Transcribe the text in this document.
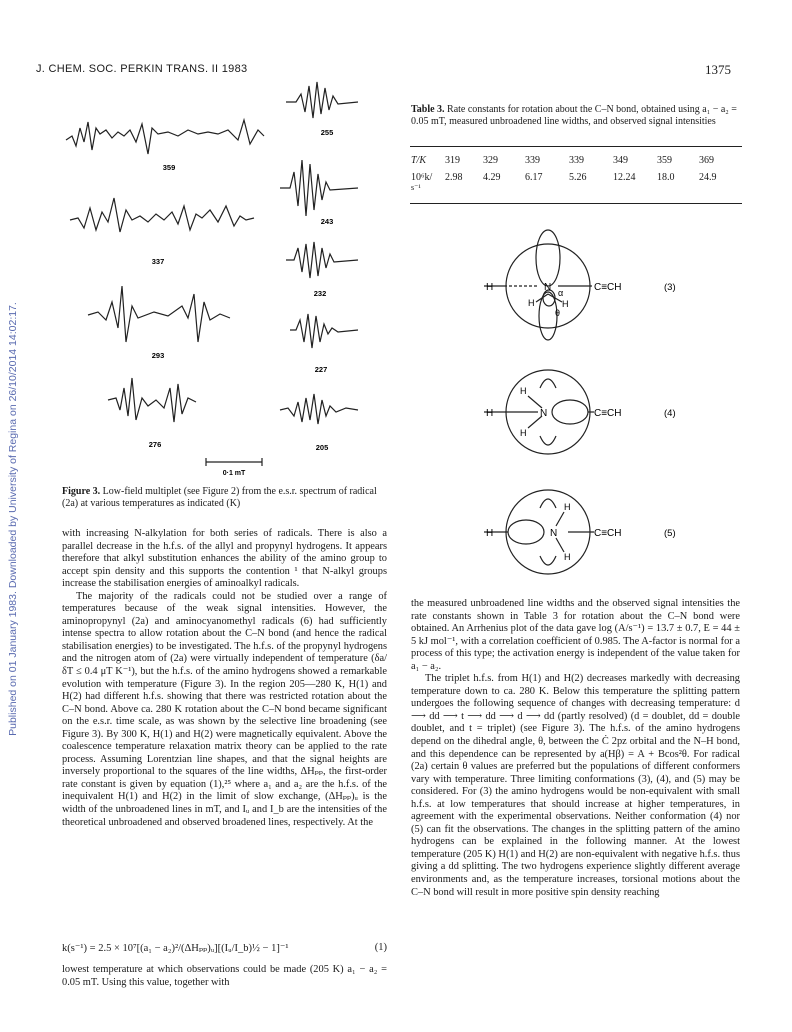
Published on 01 January 1983. Downloaded by University of Regina on 26/10/2014 14:02:17.
J. CHEM. SOC. PERKIN TRANS. II 1983	1375
255
359
243
337
232
293
227
276	205
0·1 mT
Figure 3. Low-field multiplet (see Figure 2) from the e.s.r. spectrum of radical (2a) at various temperatures as indicated (K)
Table 3. Rate constants for rotation about the C–N bond, obtained using a₁ − a₂ = 0.05 mT, measured unbroadened line widths, and observed signal intensities
T/K	319	329	339	339	349	359	369
10⁶k/	2.98	4.29	6.17	5.26	12.24	18.0	24.9
s⁻¹							
H	N
H	H
α
θ
C≡CH	(3)
H	N
H
H
C≡CH	(4)
H	N
H
H
C≡CH	(5)

with increasing N-alkylation for both series of radicals. There is also a parallel decrease in the h.f.s. of the allyl and propynyl hydrogens. It appears therefore that alkyl substitution enhances the ability of the amino group to accept spin density and this supports the contention ¹ that N-alkyl groups increase the stabilisation energies of aminoalkyl radicals.

The majority of the radicals could not be studied over a range of temperatures because of the weak signal intensities. However, the aminopropynyl (2a) and aminocyanomethyl radicals (6) had sufficiently intense spectra to allow rotation about the C–N bond (and hence the radical stabilisation energies) to be investigated. The h.f.s. of the propynyl hydrogens and the nitrogen atom of (2a) were virtually independent of temperature (δa/δT ≤ 0.4 μT K⁻¹), but the h.f.s. of the amino hydrogens showed a remarkable evolution with temperature (Figure 3). In the region 205—280 K, H(1) and H(2) had different h.f.s. showing that there was restricted rotation about the C–N bond. Above ca. 280 K rotation about the C–N bond became significant on the e.s.r. time scale, as was shown by the selective line broadening (see Figure 3). By 300 K, H(1) and H(2) were magnetically equivalent. Above the coalescence temperature relaxation matrix theory can be applied to the rate process. Assuming Lorentzian line shapes, and that the signal heights are inversely proportional to the squares of the line widths, ΔHₚₚ, the first-order rate constant is given by equation (1),²⁵ where a₁ and a₂ are the h.f.s. of the inequivalent H(1) and H(2) in the limit of slow exchange, (ΔHₚₚ)ᵤ is the width of the unbroadened lines in mT, and Iᵤ and I_b are the intensities of the theoretical unbroadened and observed broadened lines, respectively. At the

k(s⁻¹) = 2.5 × 10⁷[(a₁ − a₂)²/(ΔHₚₚ)ᵤ][(Iᵤ/I_b)½ − 1]⁻¹	(1)
lowest temperature at which observations could be made (205 K) a₁ − a₂ = 0.05 mT. Using this value, together with

the measured unbroadened line widths and the observed signal intensities the rate constants shown in Table 3 for rotation about the C–N bond were obtained. An Arrhenius plot of the data gave log (A/s⁻¹) = 13.7 ± 0.7, E = 44 ± 5 kJ mol⁻¹, with a correlation coefficient of 0.985. The A-factor is normal for a process of this type; the activation energy is independent of the value taken for a₁ − a₂.

The triplet h.f.s. from H(1) and H(2) decreases markedly with decreasing temperature down to ca. 280 K. Below this temperature the splitting pattern undergoes the following sequence of changes with decreasing temperature: d ⟶ dd ⟶ t ⟶ dd ⟶ d ⟶ dd (partly resolved) (d = doublet, dd = double doublet, and t = triplet) (see Figure 3). The h.f.s. of the amino hydrogens depend on the dihedral angle, θ, between the Ċ 2pz orbital and the N–H bond, and this dependence can be represented by a(Hβ) = A + Bcos²θ. For radical (2a) certain θ values are preferred but the populations of different conformers vary with temperature. Three limiting conformations (3), (4), and (5) may be considered. For (3) the amino hydrogens would be non-equivalent with small h.f.s. at low temperatures that should increase at higher temperatures, in agreement with the experimental observations. Neither conformation (4) nor (5) can fit the observations. The changes in the splitting pattern of the amino hydrogens can be explained in the following manner. At the lowest temperature (205 K) H(1) and H(2) are non-equivalent with negative h.f.s. thus giving a dd splitting. The two hydrogens experience slightly different average environments and, as the temperature increases, torsional motions about the C–N bond will result in more positive spin density reaching
